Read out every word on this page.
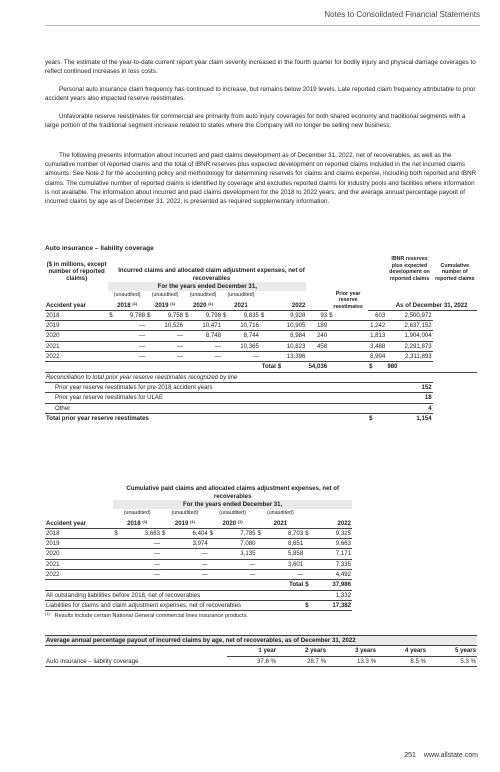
Notes to Consolidated Financial Statements

years. The estimate of the year-to-date current report year claim severity increased in the fourth quarter for bodily injury and physical damage coverages to reflect continued increases in loss costs.

Personal auto insurance claim frequency has continued to increase, but remains below 2019 levels. Late reported claim frequency attributable to prior accident years also impacted reserve reestimates.

Unfavorable reserve reestimates for commercial are primarily from auto injury coverages for both shared economy and traditional segments with a large portion of the traditional segment increase related to states where the Company will no longer be selling new business.

The following presents information about incurred and paid claims development as of December 31, 2022, net of recoverables, as well as the cumulative number of reported claims and the total of IBNR reserves plus expected development on reported claims included in the net incurred claims amounts. See Note 2 for the accounting policy and methodology for determining reserves for claims and claims expense, including both reported and IBNR claims. The cumulative number of reported claims is identified by coverage and excludes reported claims for industry pools and facilities where information is not available. The information about incurred and paid claims development for the 2018 to 2022 years, and the average annual percentage payout of incurred claims by age as of December 31, 2022, is presented as required supplementary information.

Auto insurance – liability coverage

($ in millions, except number of reported claims)														IBNR reserves plus expected development on reported claims	Cumulative number of reported claims
		Incurred claims and allocated claim adjustment expenses, net of recoverables													
	For the years ended December 31,											Prior year reserve reestimates			
	(unaudited)		(unaudited)		(unaudited)		(unaudited)								
Accident year	2018 $^{(1)}$		2019 $^{(1)}$		2020 $^{(1)}$		2021		2022					As of December 31, 2022	
2018	$	9,788	$	9,758	$	9,798	$	9,835	$	9,928	93	$	603	2,500,972	
2019		—		10,526		10,471		10,716		10,905	189		1,242	2,637,152	
2020		—		—		8,748		8,744		8,984	240		1,813	1,904,004	
2021		—		—		—		10,365		10,823	458		3,488	2,291,873	
2022		—		—		—		—		13,396			8,904	2,311,893	
									Total	$	54,036		$	980	
Reconciliation to total prior year reserve reestimates recognized by line															
Prior year reserve reestimates for pre-2018 accident years														152	
Prior year reserve reestimates for ULAE														18	
Other														4	
Total prior year reserve reestimates													$	1,154	
	Cumulative paid claims and allocated claims adjustment expenses, net of recoverables									
	For the years ended December 31,									
	(unaudited)		(unaudited)		(unaudited)		(unaudited)			
Accident year	2018 $^{(1)}$		2019 $^{(1)}$		2020 $^{(1)}$		2021		2022	
2018	$	3,663	$	6,404	$	7,785	$	8,703	$	9,325
2019		—		3,974		7,080		8,651		9,663
2020		—		—		3,135		5,858		7,171
2021		—		—		—		3,601		7,335
2022		—		—		—		—		4,492
								Total	$	37,986
All outstanding liabilities before 2018, net of recoverables										1,332
Liabilities for claims and claim adjustment expenses, net of recoverables									$	17,382

$^{(1)}$ Results include certain National General commercial lines insurance products.

Average annual percentage payout of incurred claims by age, net of recoverables, as of December 31, 2022					
	1 year	2 years	3 years	4 years	5 years
Auto insurance – liability coverage	37.6 %	28.7 %	13.3 %	8.5 %	5.3 %
251 www.allstate.com
